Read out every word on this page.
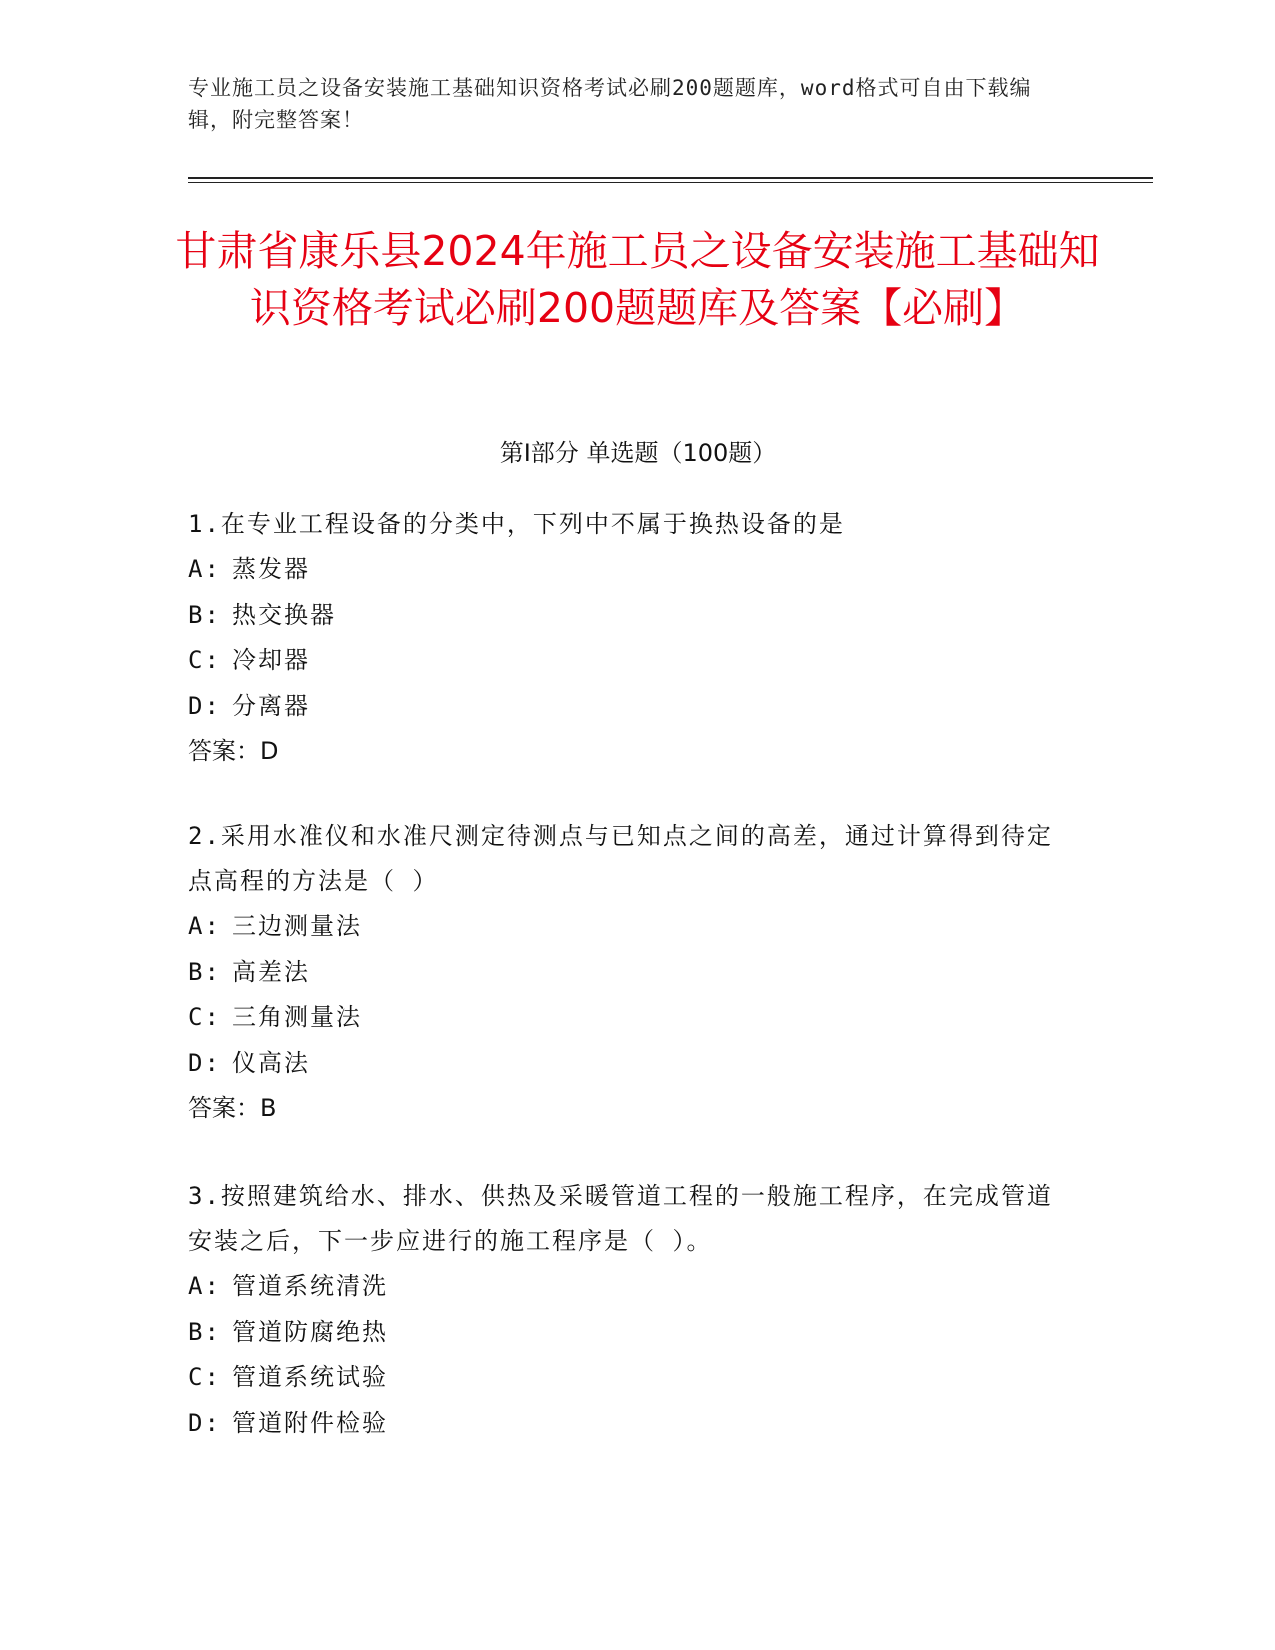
专业施工员之设备安装施工基础知识资格考试必刷200题题库，word格式可自由下载编辑，附完整答案！
甘肃省康乐县2024年施工员之设备安装施工基础知识资格考试必刷200题题库及答案【必刷】
第Ⅰ部分 单选题（100题）
1.在专业工程设备的分类中，下列中不属于换热设备的是
A: 蒸发器
B: 热交换器
C: 冷却器
D: 分离器
答案：D
2.采用水准仪和水准尺测定待测点与已知点之间的高差，通过计算得到待定点高程的方法是（ ）
A: 三边测量法
B: 高差法
C: 三角测量法
D: 仪高法
答案：B
3.按照建筑给水、排水、供热及采暖管道工程的一般施工程序，在完成管道安装之后，下一步应进行的施工程序是（ ）。
A: 管道系统清洗
B: 管道防腐绝热
C: 管道系统试验
D: 管道附件检验
